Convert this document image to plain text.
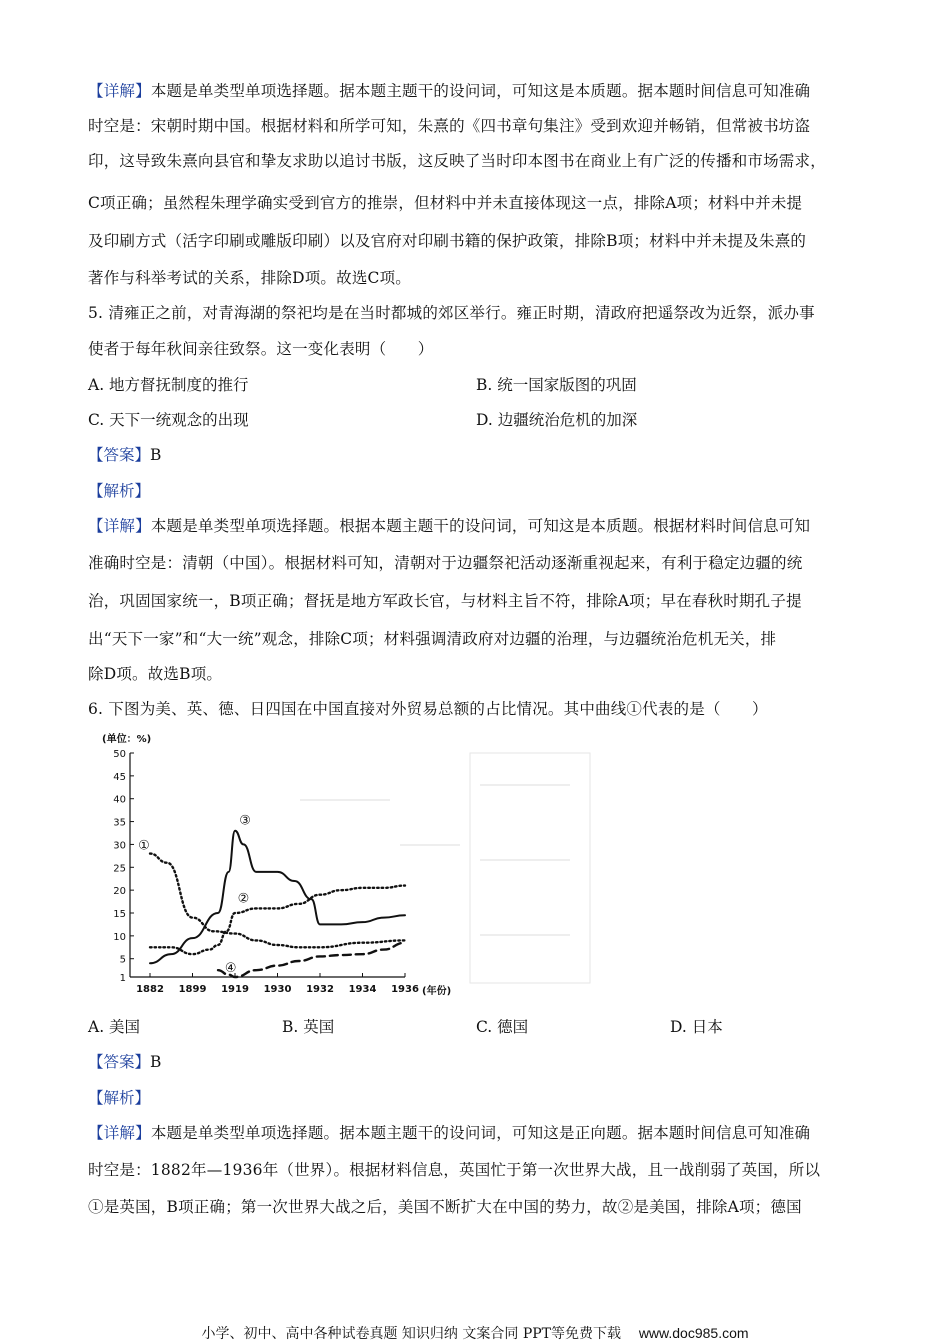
【详解】本题是单类型单项选择题。据本题主题干的设问词，可知这是本质题。据本题时间信息可知准确
时空是：宋朝时期中国。根据材料和所学可知，朱熹的《四书章句集注》受到欢迎并畅销，但常被书坊盗
印，这导致朱熹向县官和挚友求助以追讨书版，这反映了当时印本图书在商业上有广泛的传播和市场需求，
C项正确；虽然程朱理学确实受到官方的推崇，但材料中并未直接体现这一点，排除A项；材料中并未提
及印刷方式（活字印刷或雕版印刷）以及官府对印刷书籍的保护政策，排除B项；材料中并未提及朱熹的
著作与科举考试的关系，排除D项。故选C项。
5. 清雍正之前，对青海湖的祭祀均是在当时都城的郊区举行。雍正时期，清政府把遥祭改为近祭，派办事
使者于每年秋间亲往致祭。这一变化表明（　　）
A. 地方督抚制度的推行	B. 统一国家版图的巩固
C. 天下一统观念的出现	D. 边疆统治危机的加深
【答案】B
【解析】
【详解】本题是单类型单项选择题。根据本题主题干的设问词，可知这是本质题。根据材料时间信息可知
准确时空是：清朝（中国）。根据材料可知，清朝对于边疆祭祀活动逐渐重视起来，有利于稳定边疆的统
治，巩固国家统一，B项正确；督抚是地方军政长官，与材料主旨不符，排除A项；早在春秋时期孔子提
出“天下一家”和“大一统”观念，排除C项；材料强调清政府对边疆的治理，与边疆统治危机无关，排
除D项。故选B项。
6. 下图为美、英、德、日四国在中国直接对外贸易总额的占比情况。其中曲线①代表的是（　　）
(单位：%)
(年份)
1
5
10
15
20
25
30
35
40
45
50
1882 1899 1919 1930 1932 1934 1936
①
②
③
④
A. 美国	B. 英国	C. 德国	D. 日本
【答案】B
【解析】
【详解】本题是单类型单项选择题。据本题主题干的设问词，可知这是正向题。据本题时间信息可知准确
时空是：1882年—1936年（世界）。根据材料信息，英国忙于第一次世界大战，且一战削弱了英国，所以
①是英国，B项正确；第一次世界大战之后，美国不断扩大在中国的势力，故②是美国，排除A项；德国
小学、初中、高中各种试卷真题 知识归纳 文案合同 PPT等免费下载 www.doc985.com
